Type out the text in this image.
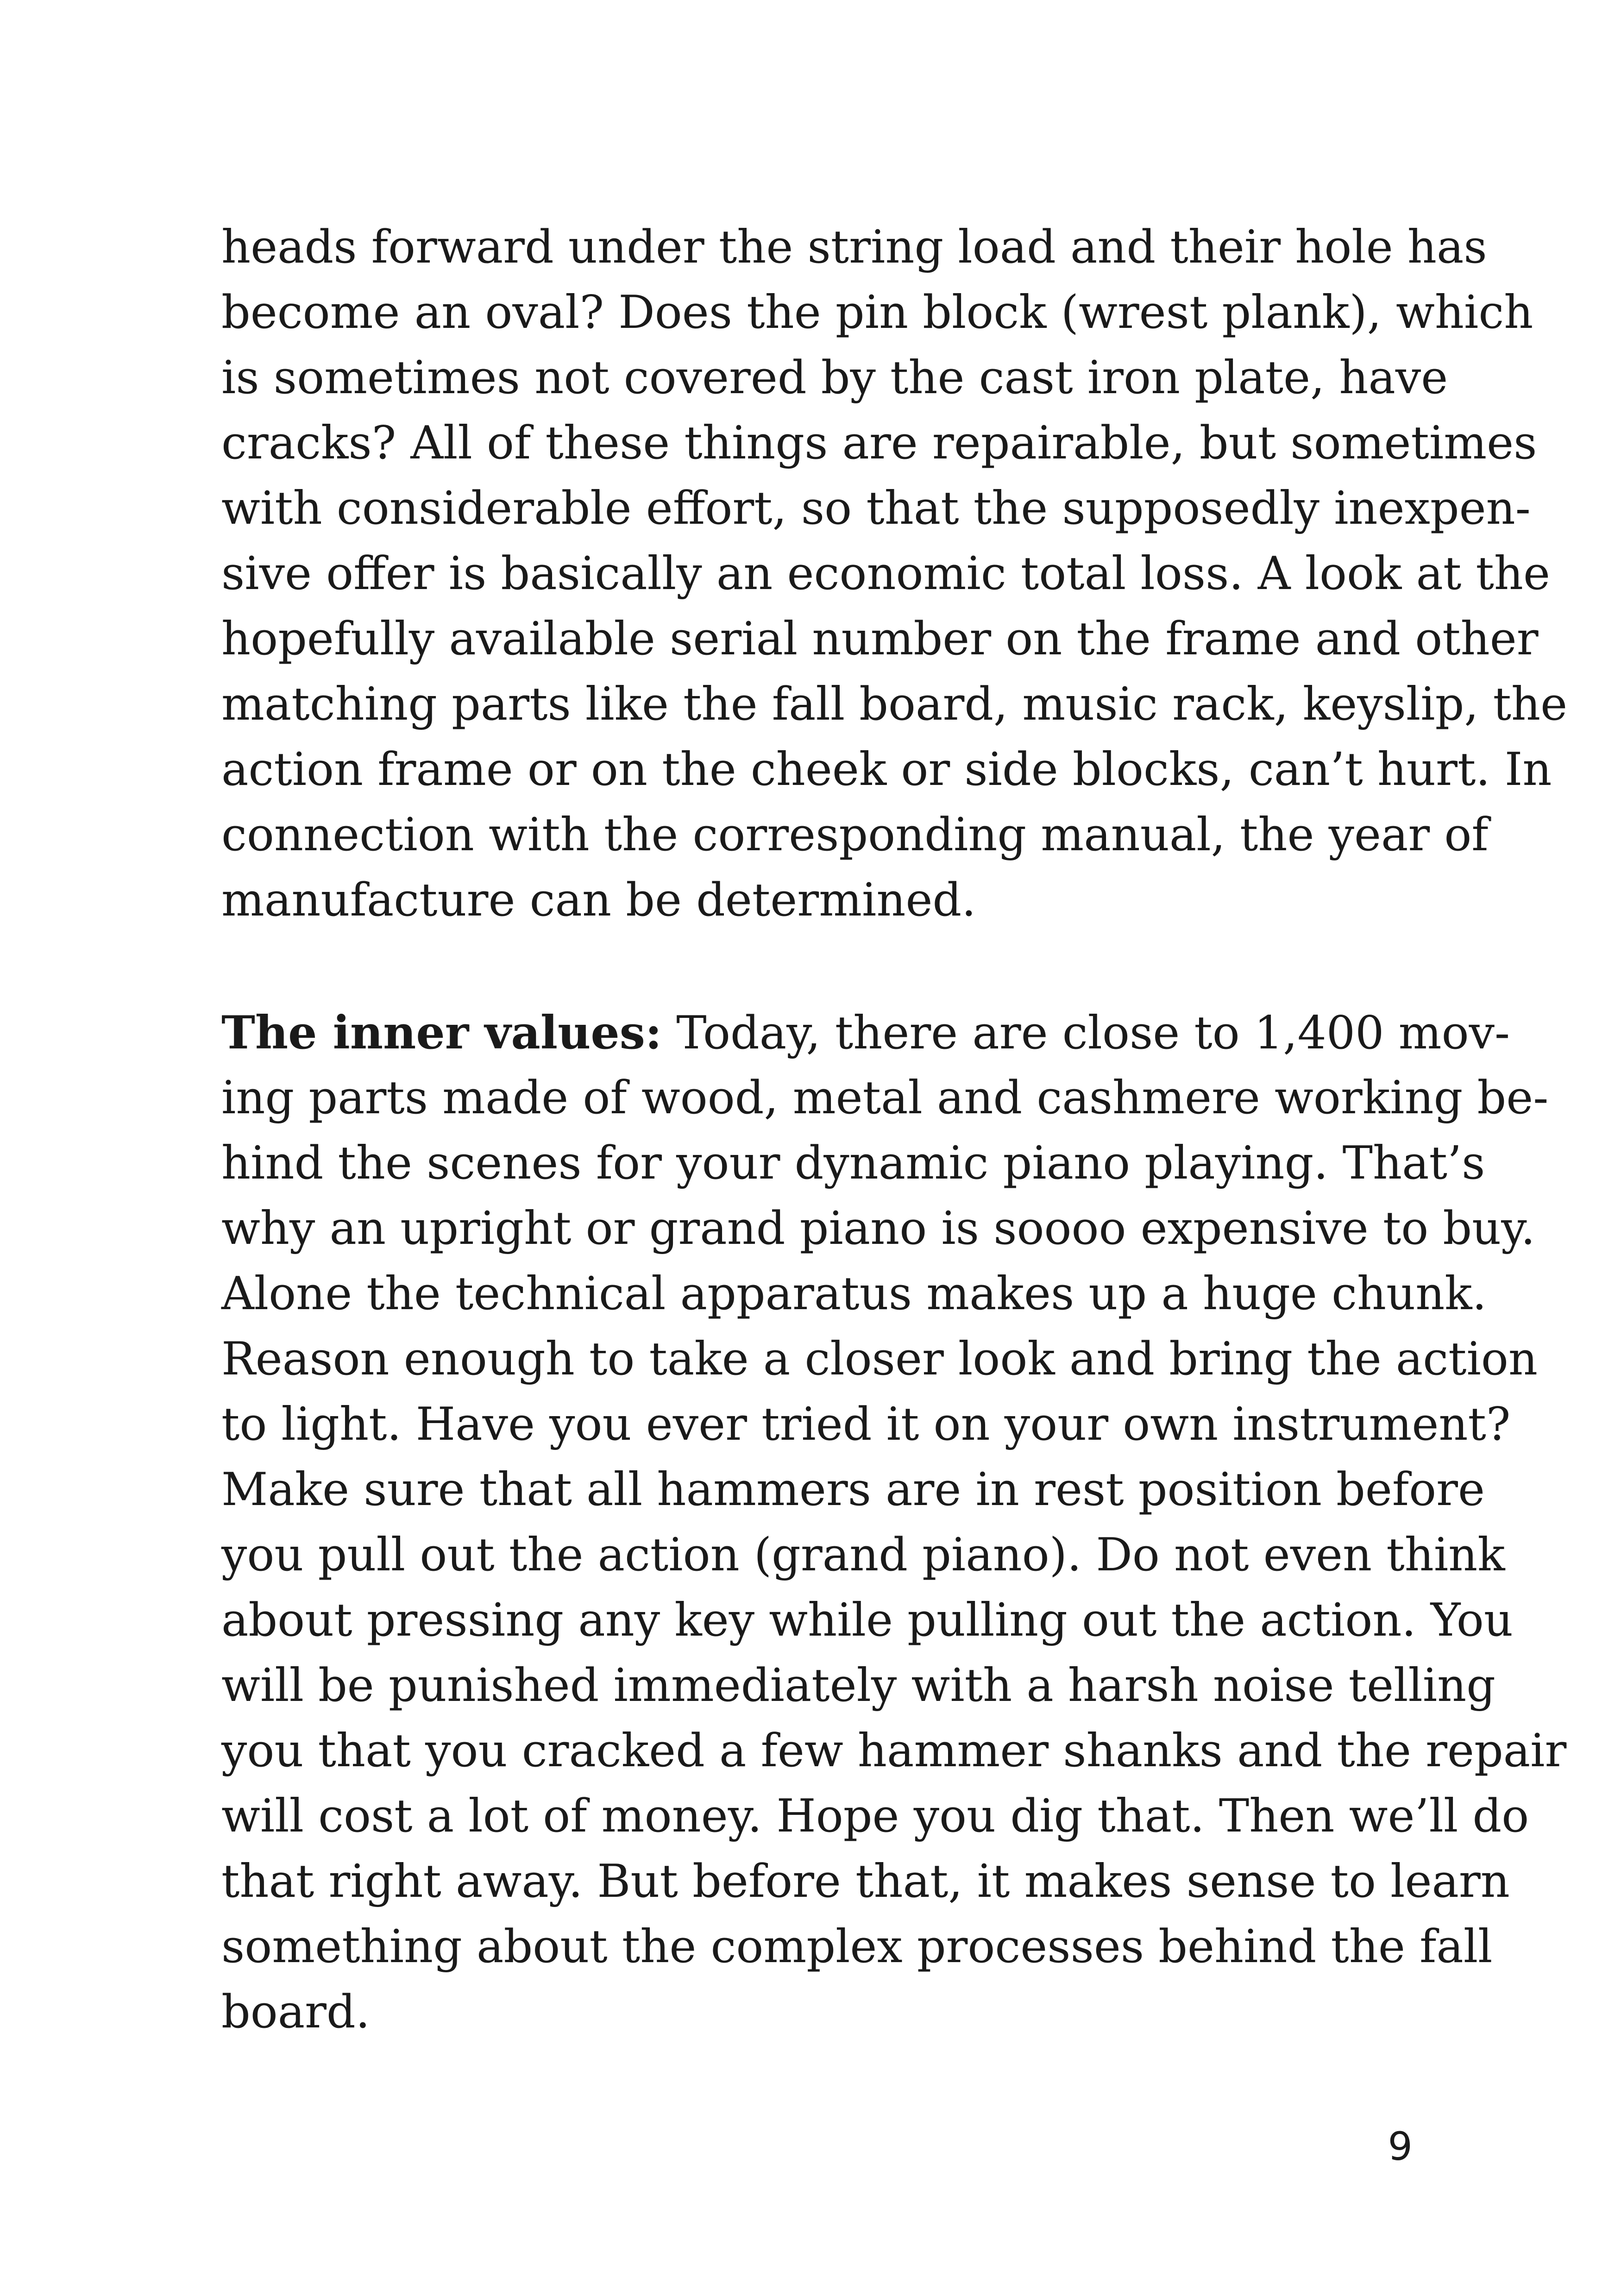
heads forward under the string load and their hole has
become an oval? Does the pin block (wrest plank), which
is sometimes not covered by the cast iron plate, have
cracks? All of these things are repairable, but sometimes
with considerable effort, so that the supposedly inexpen-
sive offer is basically an economic total loss. A look at the
hopefully available serial number on the frame and other
matching parts like the fall board, music rack, keyslip, the
action frame or on the cheek or side blocks, can’t hurt. In
connection with the corresponding manual, the year of
manufacture can be determined.
The inner values: Today, there are close to 1,400 mov-
ing parts made of wood, metal and cashmere working be-
hind the scenes for your dynamic piano playing. That’s
why an upright or grand piano is soooo expensive to buy.
Alone the technical apparatus makes up a huge chunk.
Reason enough to take a closer look and bring the action
to light. Have you ever tried it on your own instrument?
Make sure that all hammers are in rest position before
you pull out the action (grand piano). Do not even think
about pressing any key while pulling out the action. You
will be punished immediately with a harsh noise telling
you that you cracked a few hammer shanks and the repair
will cost a lot of money. Hope you dig that. Then we’ll do
that right away. But before that, it makes sense to learn
something about the complex processes behind the fall
board.
9
